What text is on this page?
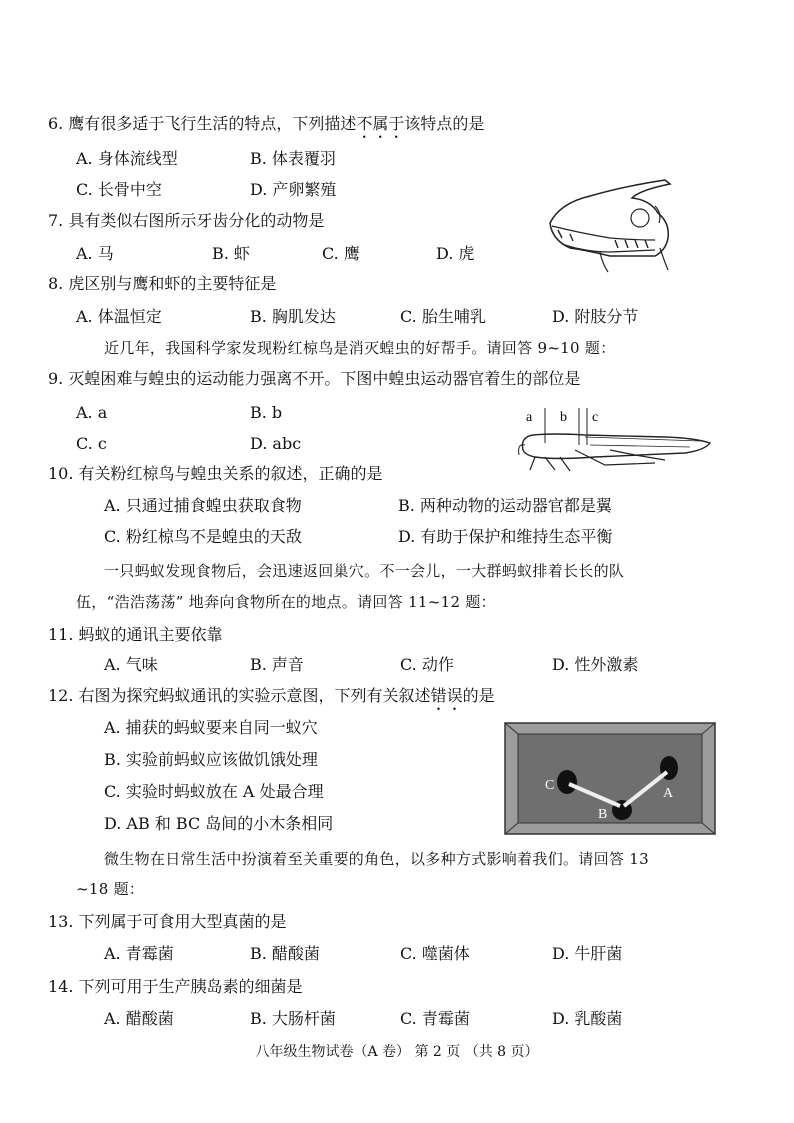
6. 鹰有很多适于飞行生活的特点，下列描述不属于该特点的是
A. 身体流线型	B. 体表覆羽
C. 长骨中空	D. 产卵繁殖
7. 具有类似右图所示牙齿分化的动物是
A. 马	B. 虾	C. 鹰	D. 虎
8. 虎区别与鹰和虾的主要特征是
A. 体温恒定	B. 胸肌发达	C. 胎生哺乳	D. 附肢分节
近几年，我国科学家发现粉红椋鸟是消灭蝗虫的好帮手。请回答 9~10 题：
9. 灭蝗困难与蝗虫的运动能力强离不开。下图中蝗虫运动器官着生的部位是
A. a	B. b
C. c	D. abc
a b c
10. 有关粉红椋鸟与蝗虫关系的叙述，正确的是
A. 只通过捕食蝗虫获取食物	B. 两种动物的运动器官都是翼
C. 粉红椋鸟不是蝗虫的天敌	D. 有助于保护和维持生态平衡
一只蚂蚁发现食物后，会迅速返回巢穴。不一会儿，一大群蚂蚁排着长长的队
伍，“浩浩荡荡” 地奔向食物所在的地点。请回答 11~12 题：
11. 蚂蚁的通讯主要依靠
A. 气味	B. 声音	C. 动作	D. 性外激素
12. 右图为探究蚂蚁通讯的实验示意图，下列有关叙述错误的是
A. 捕获的蚂蚁要来自同一蚁穴
B. 实验前蚂蚁应该做饥饿处理
C. 实验时蚂蚁放在 A 处最合理
D. AB 和 BC 岛间的小木条相同
C
B
A
微生物在日常生活中扮演着至关重要的角色，以多种方式影响着我们。请回答 13
~18 题：
13. 下列属于可食用大型真菌的是
A. 青霉菌	B. 醋酸菌	C. 噬菌体	D. 牛肝菌
14. 下列可用于生产胰岛素的细菌是
A. 醋酸菌	B. 大肠杆菌	C. 青霉菌	D. 乳酸菌
八年级生物试卷（A 卷） 第 2 页 （共 8 页）
